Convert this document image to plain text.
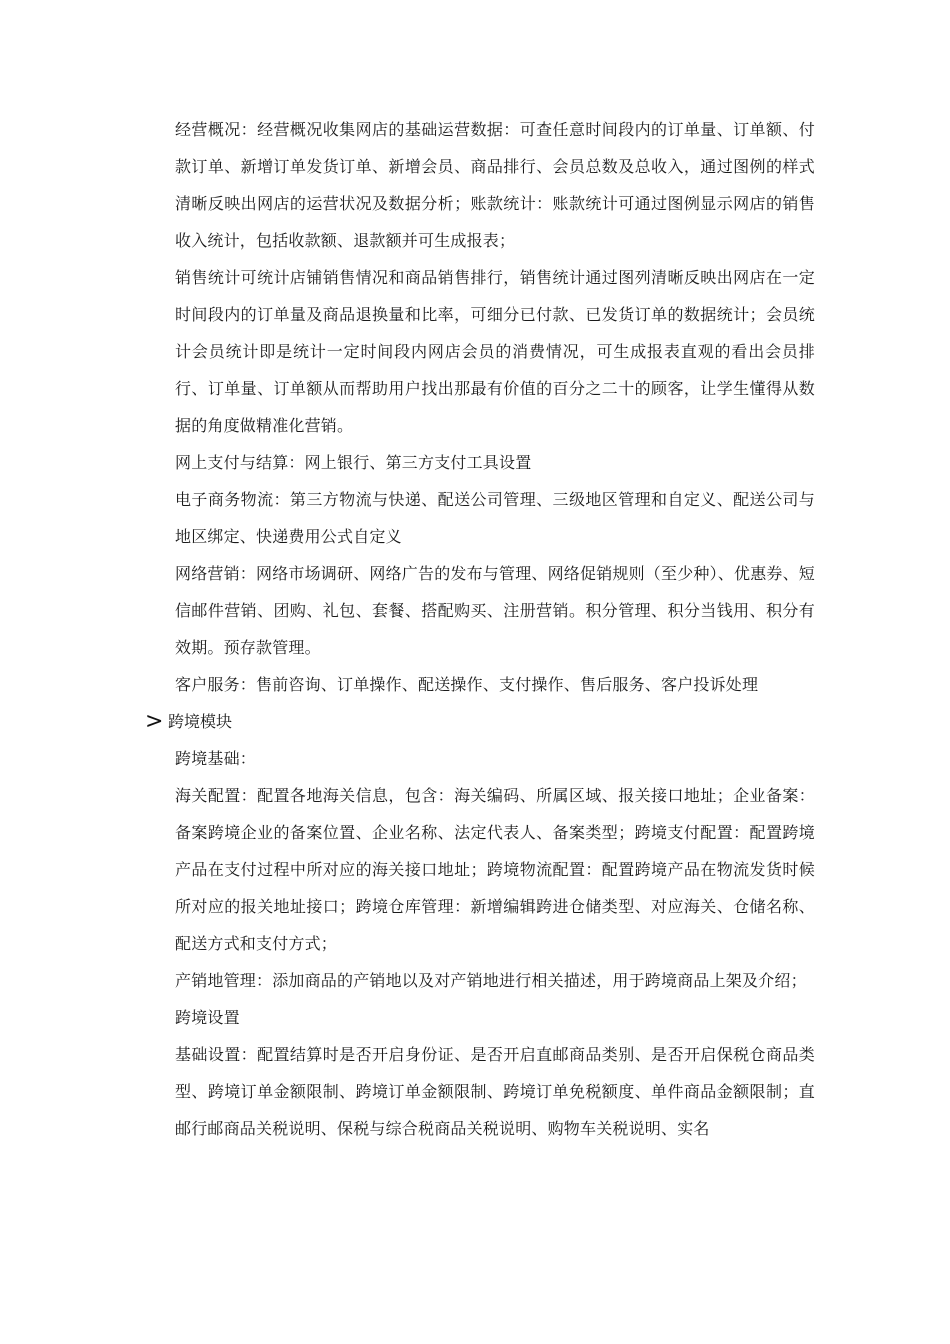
经营概况：经营概况收集网店的基础运营数据：可查任意时间段内的订单量、订单额、付款订单、新增订单发货订单、新增会员、商品排行、会员总数及总收入，通过图例的样式清晰反映出网店的运营状况及数据分析；账款统计：账款统计可通过图例显示网店的销售收入统计，包括收款额、退款额并可生成报表；

销售统计可统计店铺销售情况和商品销售排行，销售统计通过图列清晰反映出网店在一定时间段内的订单量及商品退换量和比率，可细分已付款、已发货订单的数据统计；会员统计会员统计即是统计一定时间段内网店会员的消费情况，可生成报表直观的看出会员排行、订单量、订单额从而帮助用户找出那最有价值的百分之二十的顾客，让学生懂得从数据的角度做精准化营销。

网上支付与结算：网上银行、第三方支付工具设置

电子商务物流：第三方物流与快递、配送公司管理、三级地区管理和自定义、配送公司与地区绑定、快递费用公式自定义

网络营销：网络市场调研、网络广告的发布与管理、网络促销规则（至少种）、优惠券、短信邮件营销、团购、礼包、套餐、搭配购买、注册营销。积分管理、积分当钱用、积分有效期。预存款管理。

客户服务：售前咨询、订单操作、配送操作、支付操作、售后服务、客户投诉处理

> 跨境模块

跨境基础：

海关配置：配置各地海关信息，包含：海关编码、所属区域、报关接口地址；企业备案：备案跨境企业的备案位置、企业名称、法定代表人、备案类型；跨境支付配置：配置跨境产品在支付过程中所对应的海关接口地址；跨境物流配置：配置跨境产品在物流发货时候所对应的报关地址接口；跨境仓库管理：新增编辑跨进仓储类型、对应海关、仓储名称、配送方式和支付方式；

产销地管理：添加商品的产销地以及对产销地进行相关描述，用于跨境商品上架及介绍；

跨境设置

基础设置：配置结算时是否开启身份证、是否开启直邮商品类别、是否开启保税仓商品类型、跨境订单金额限制、跨境订单金额限制、跨境订单免税额度、单件商品金额限制；直邮行邮商品关税说明、保税与综合税商品关税说明、购物车关税说明、实名
